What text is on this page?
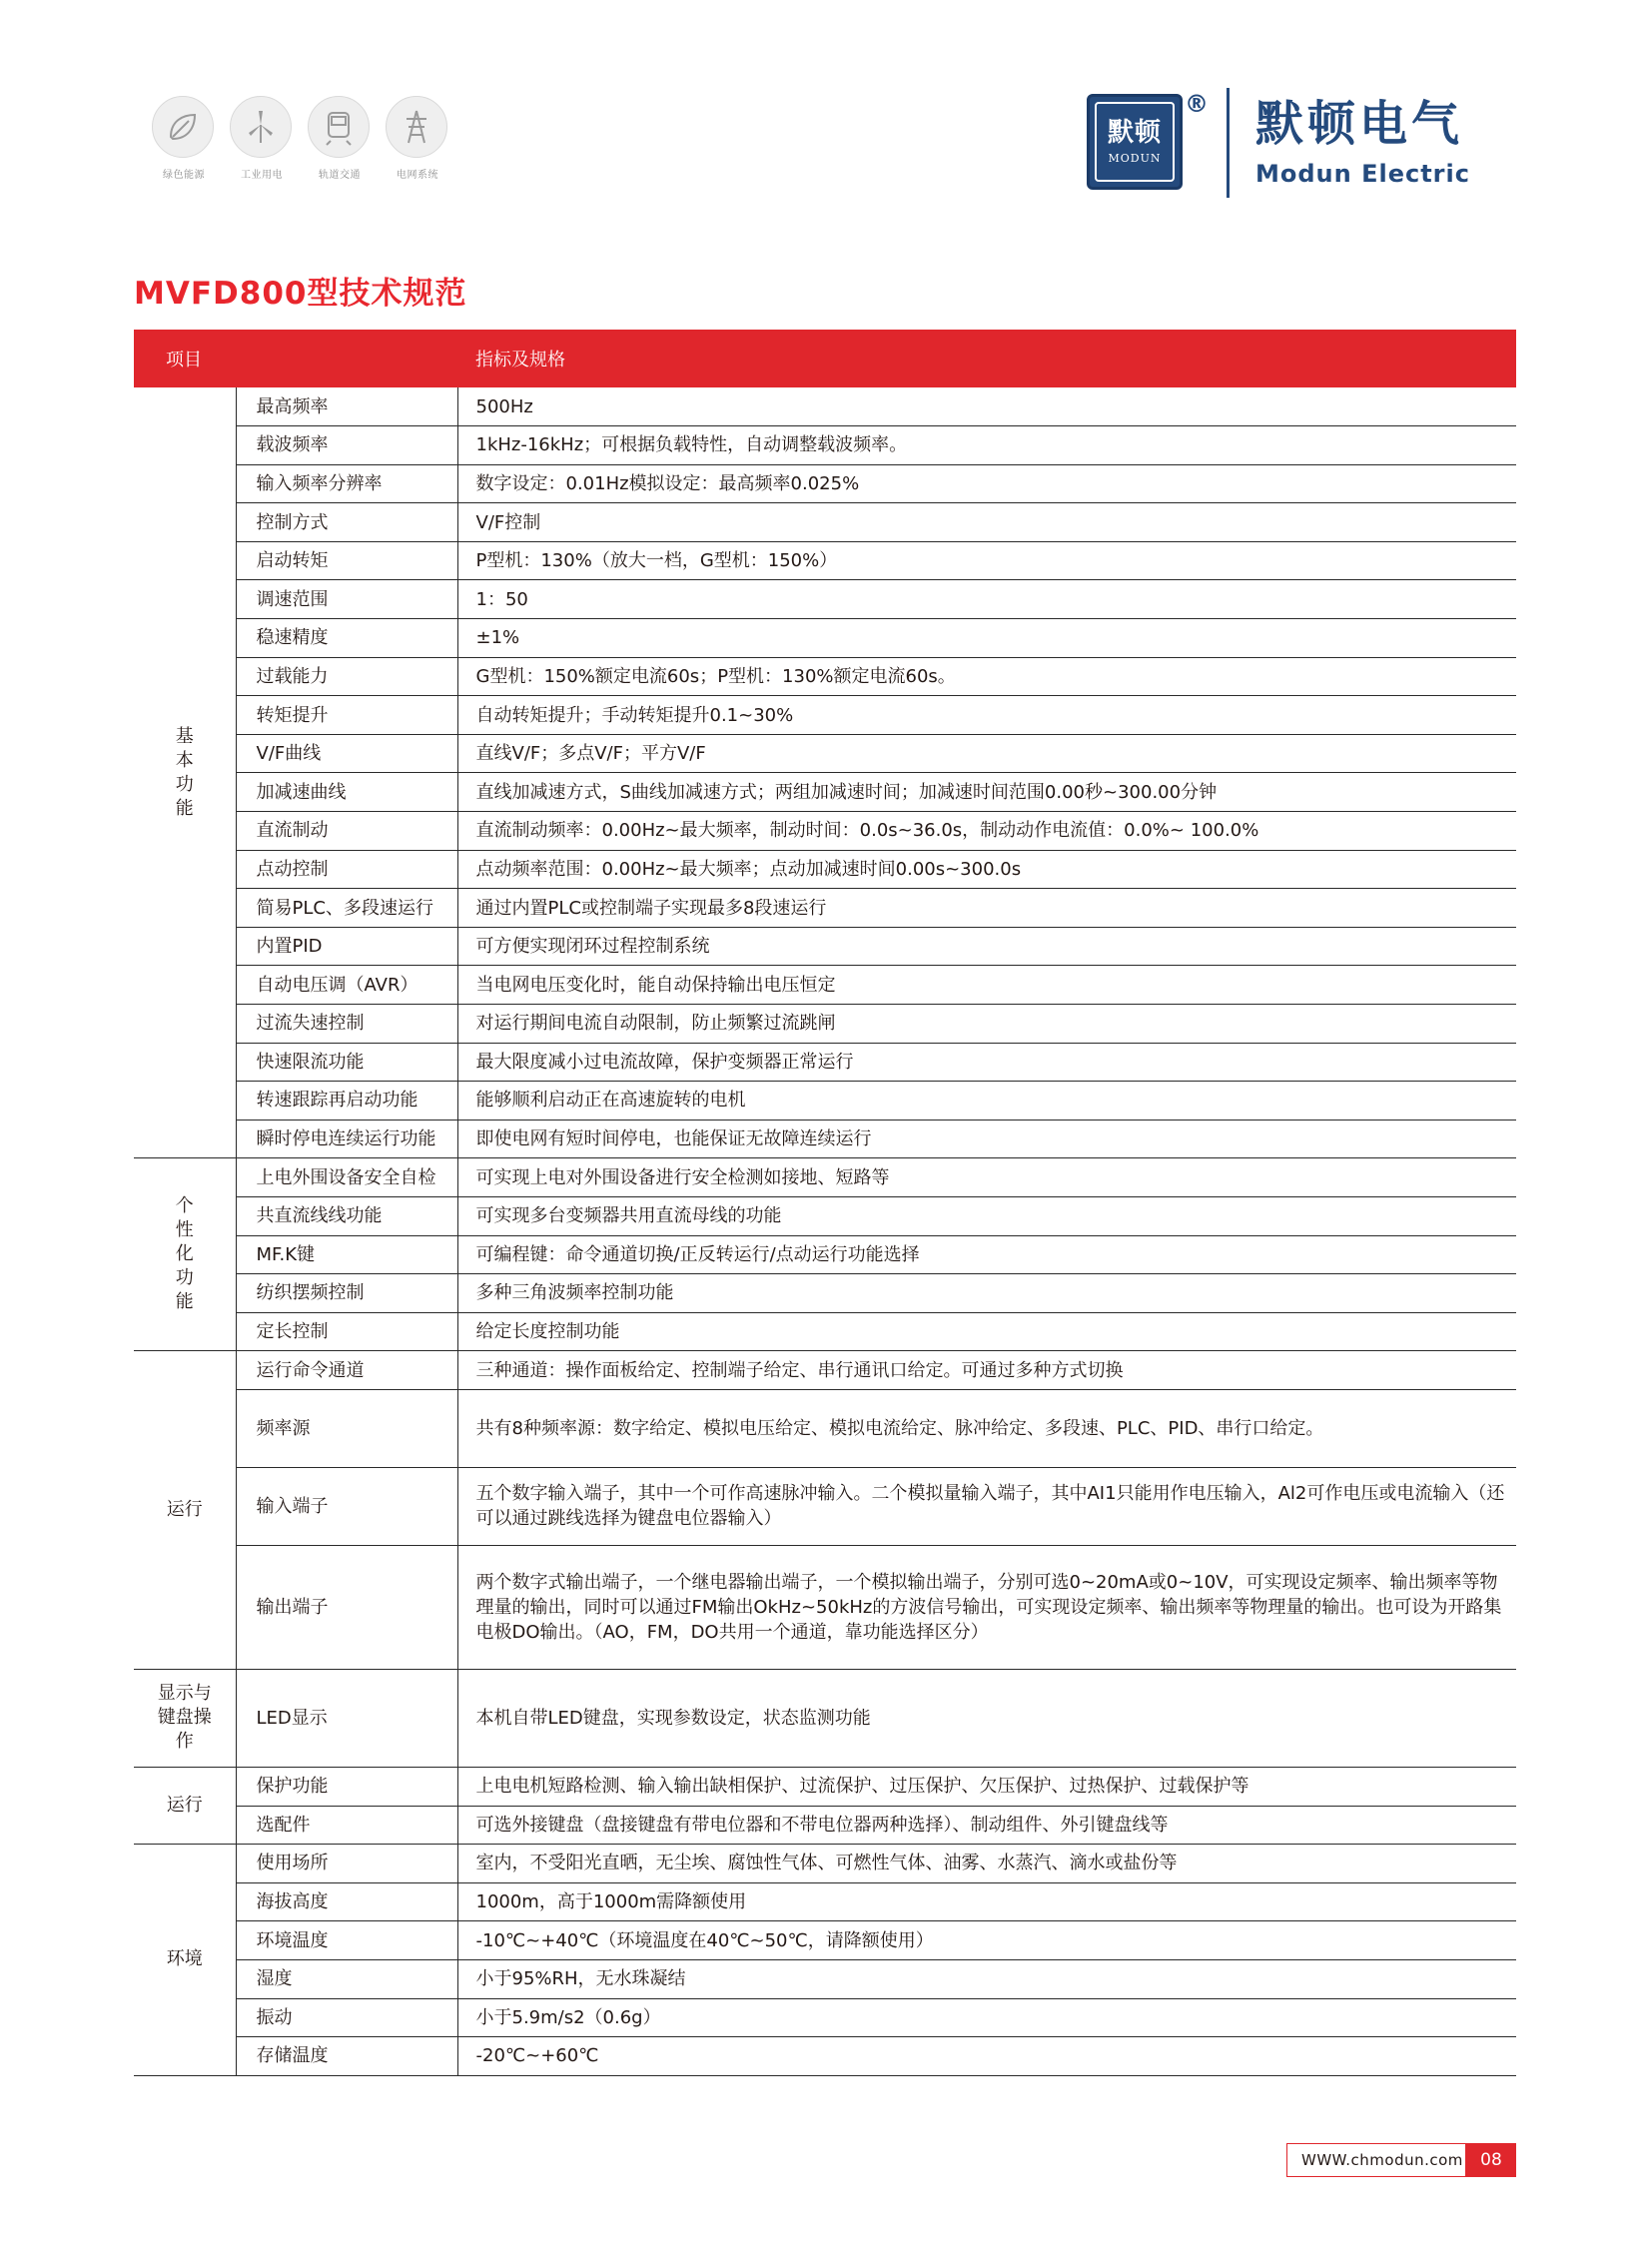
绿色能源	工业用电	轨道交通	电网系统
默顿
MODUN
® 默顿电气
Modun Electric
MVFD800型技术规范
项目		指标及规格
基本功能	最高频率	500Hz
	载波频率	1kHz-16kHz；可根据负载特性，自动调整载波频率。
	输入频率分辨率	数字设定：0.01Hz模拟设定：最高频率0.025%
	控制方式	V/F控制
	启动转矩	P型机：130%（放大一档，G型机：150%）
	调速范围	1：50
	稳速精度	±1%
	过载能力	G型机：150%额定电流60s；P型机：130%额定电流60s。
	转矩提升	自动转矩提升；手动转矩提升0.1~30%
	V/F曲线	直线V/F；多点V/F；平方V/F
	加减速曲线	直线加减速方式，S曲线加减速方式；两组加减速时间；加减速时间范围0.00秒~300.00分钟
	直流制动	直流制动频率：0.00Hz~最大频率，制动时间：0.0s~36.0s，制动动作电流值：0.0%~ 100.0%
	点动控制	点动频率范围：0.00Hz~最大频率；点动加减速时间0.00s~300.0s
	简易PLC、多段速运行	通过内置PLC或控制端子实现最多8段速运行
	内置PID	可方便实现闭环过程控制系统
	自动电压调（AVR）	当电网电压变化时，能自动保持输出电压恒定
	过流失速控制	对运行期间电流自动限制，防止频繁过流跳闸
	快速限流功能	最大限度减小过电流故障，保护变频器正常运行
	转速跟踪再启动功能	能够顺利启动正在高速旋转的电机
	瞬时停电连续运行功能	即使电网有短时间停电，也能保证无故障连续运行
个性化功能	上电外围设备安全自检	可实现上电对外围设备进行安全检测如接地、短路等
	共直流线线功能	可实现多台变频器共用直流母线的功能
	MF.K键	可编程键：命令通道切换/正反转运行/点动运行功能选择
	纺织摆频控制	多种三角波频率控制功能
	定长控制	给定长度控制功能
运行	运行命令通道	三种通道：操作面板给定、控制端子给定、串行通讯口给定。可通过多种方式切换
	频率源	共有8种频率源：数字给定、模拟电压给定、模拟电流给定、脉冲给定、多段速、PLC、PID、串行口给定。
	输入端子	五个数字输入端子，其中一个可作高速脉冲输入。二个模拟量输入端子，其中AI1只能用作电压输入，Al2可作电压或电流输入（还可以通过跳线选择为键盘电位器输入）
	输出端子	两个数字式输出端子，一个继电器输出端子，一个模拟输出端子，分别可选0~20mA或0~10V，可实现设定频率、输出频率等物理量的输出，同时可以通过FM输出OkHz~50kHz的方波信号输出，可实现设定频率、输出频率等物理量的输出。也可设为开路集电极DO输出。（AO，FM，DO共用一个通道，靠功能选择区分）
显示与键盘操作	LED显示	本机自带LED键盘，实现参数设定，状态监测功能
运行	保护功能	上电电机短路检测、输入输出缺相保护、过流保护、过压保护、欠压保护、过热保护、过载保护等
	选配件	可选外接键盘（盘接键盘有带电位器和不带电位器两种选择）、制动组件、外引键盘线等
环境	使用场所	室内，不受阳光直晒，无尘埃、腐蚀性气体、可燃性气体、油雾、水蒸汽、滴水或盐份等
	海拔高度	1000m，高于1000m需降额使用
	环境温度	-10℃~+40℃（环境温度在40℃~50℃，请降额使用）
	湿度	小于95%RH，无水珠凝结
	振动	小于5.9m/s2（0.6g）
	存储温度	-20℃~+60℃
WWW.chmodun.com	08
